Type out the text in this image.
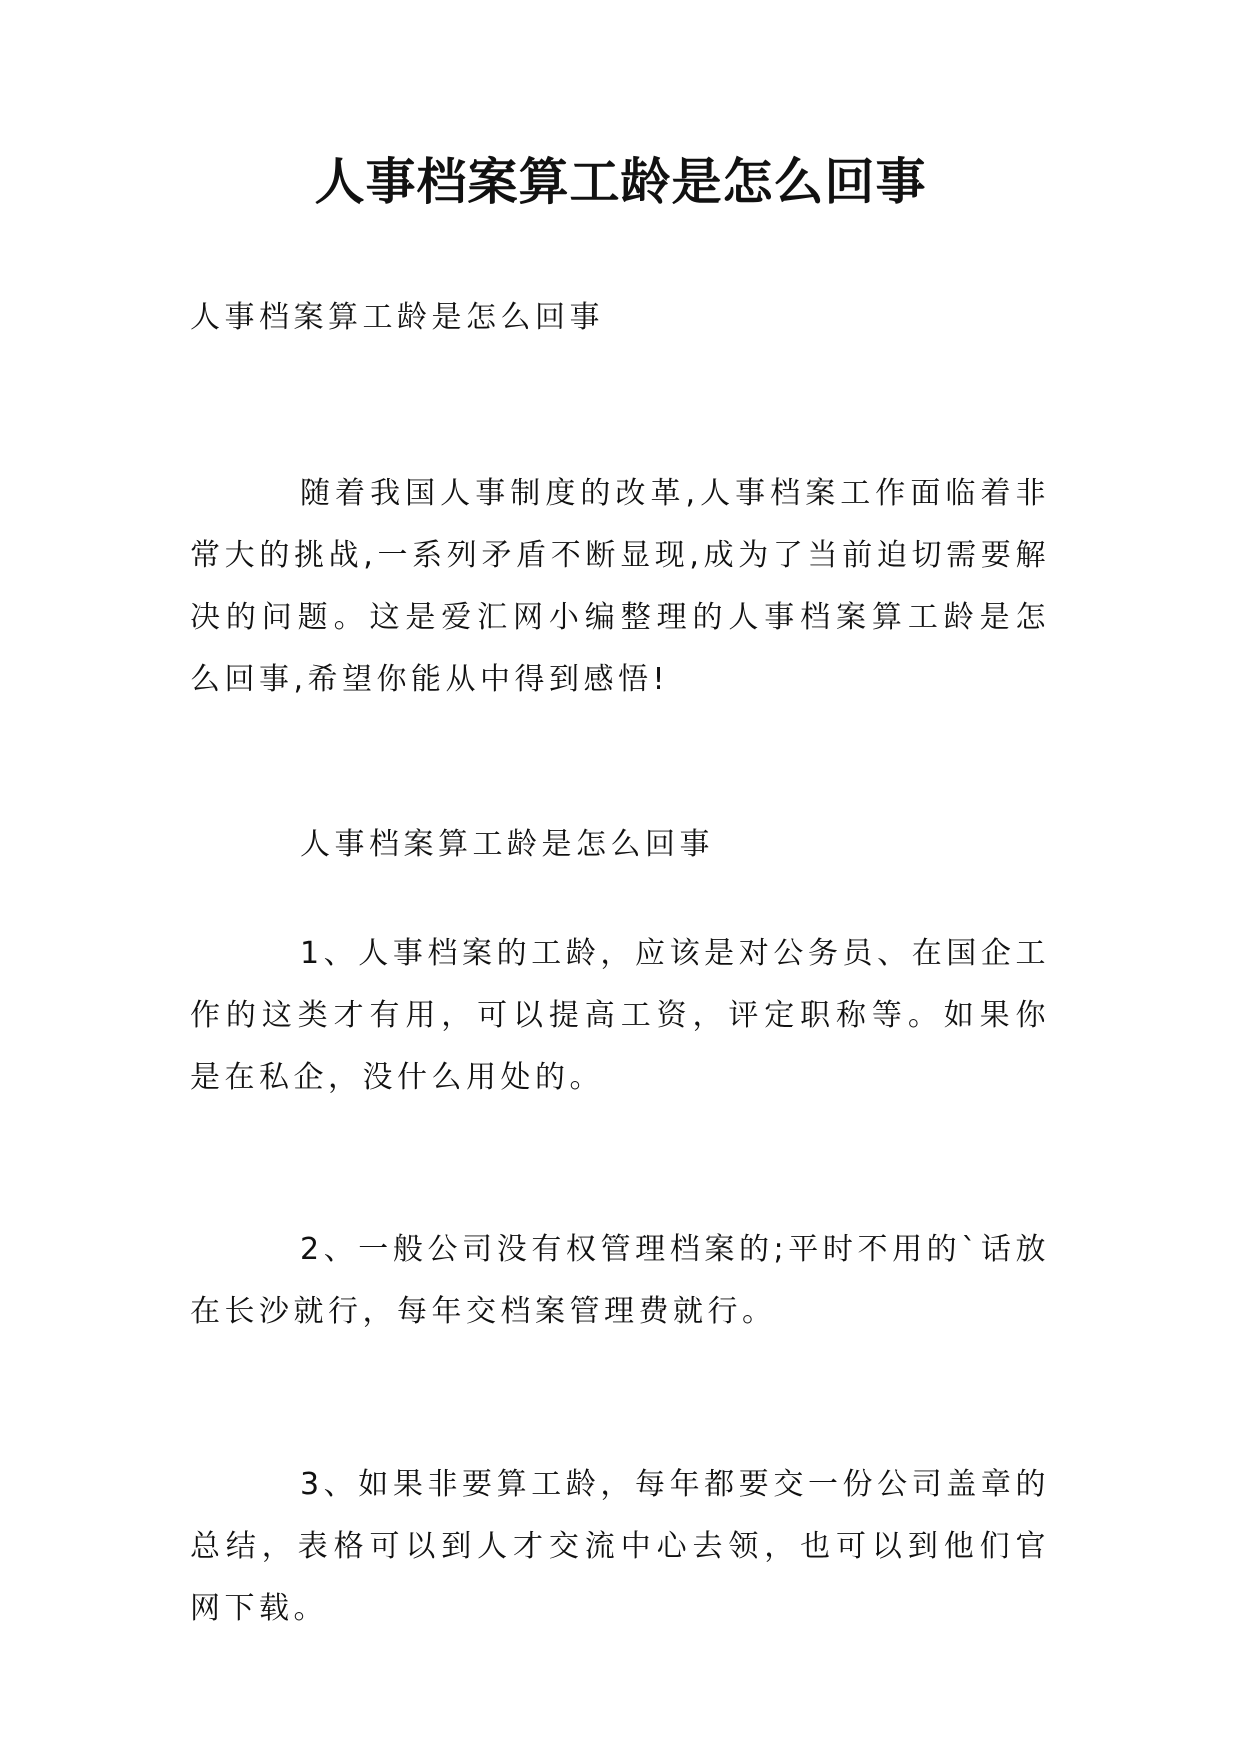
人事档案算工龄是怎么回事

人事档案算工龄是怎么回事

随着我国人事制度的改革,人事档案工作面临着非常大的挑战,一系列矛盾不断显现,成为了当前迫切需要解决的问题。这是爱汇网小编整理的人事档案算工龄是怎么回事,希望你能从中得到感悟!

人事档案算工龄是怎么回事

1、人事档案的工龄，应该是对公务员、在国企工作的这类才有用，可以提高工资，评定职称等。如果你是在私企，没什么用处的。

2、一般公司没有权管理档案的;平时不用的`话放在长沙就行，每年交档案管理费就行。

3、如果非要算工龄，每年都要交一份公司盖章的总结，表格可以到人才交流中心去领，也可以到他们官网下载。
